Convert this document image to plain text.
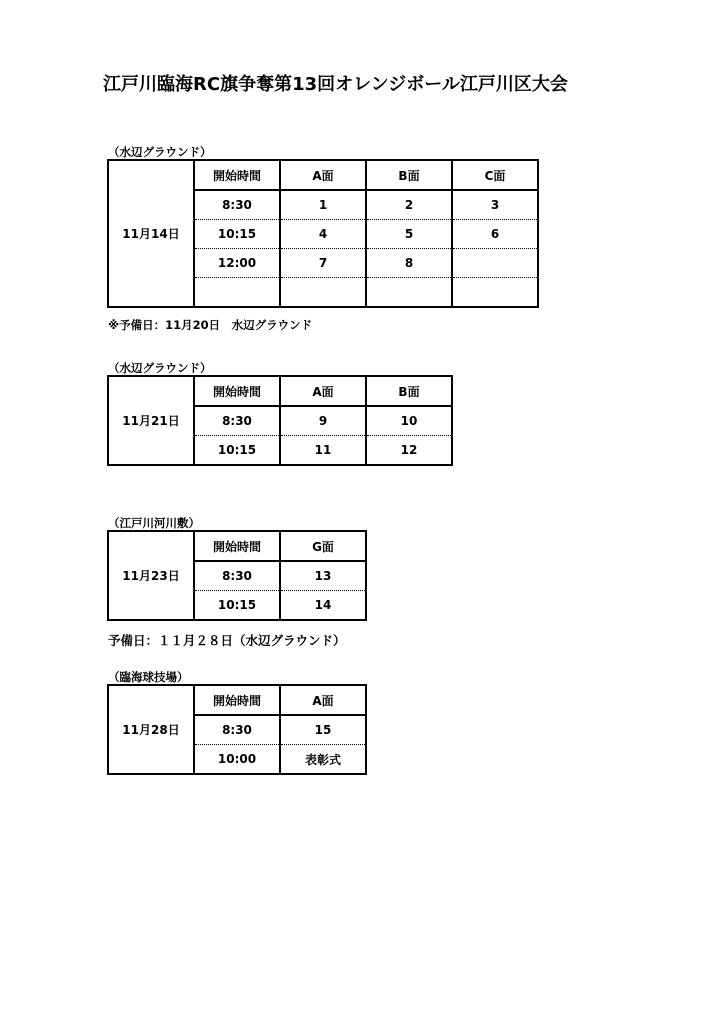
江戸川臨海RC旗争奪第13回オレンジボール江戸川区大会
（水辺グラウンド）
11月14日	開始時間	A面	B面	C面
	8:30	1	2	3
	10:15	4	5	6
	12:00	7	8	

※予備日：11月20日　水辺グラウンド
（水辺グラウンド）
11月21日	開始時間	A面	B面
	8:30	9	10
	10:15	11	12
（江戸川河川敷）
11月23日	開始時間	G面
	8:30	13
	10:15	14
予備日：１１月２８日（水辺グラウンド）
（臨海球技場）
11月28日	開始時間	A面
	8:30	15
	10:00	表彰式
